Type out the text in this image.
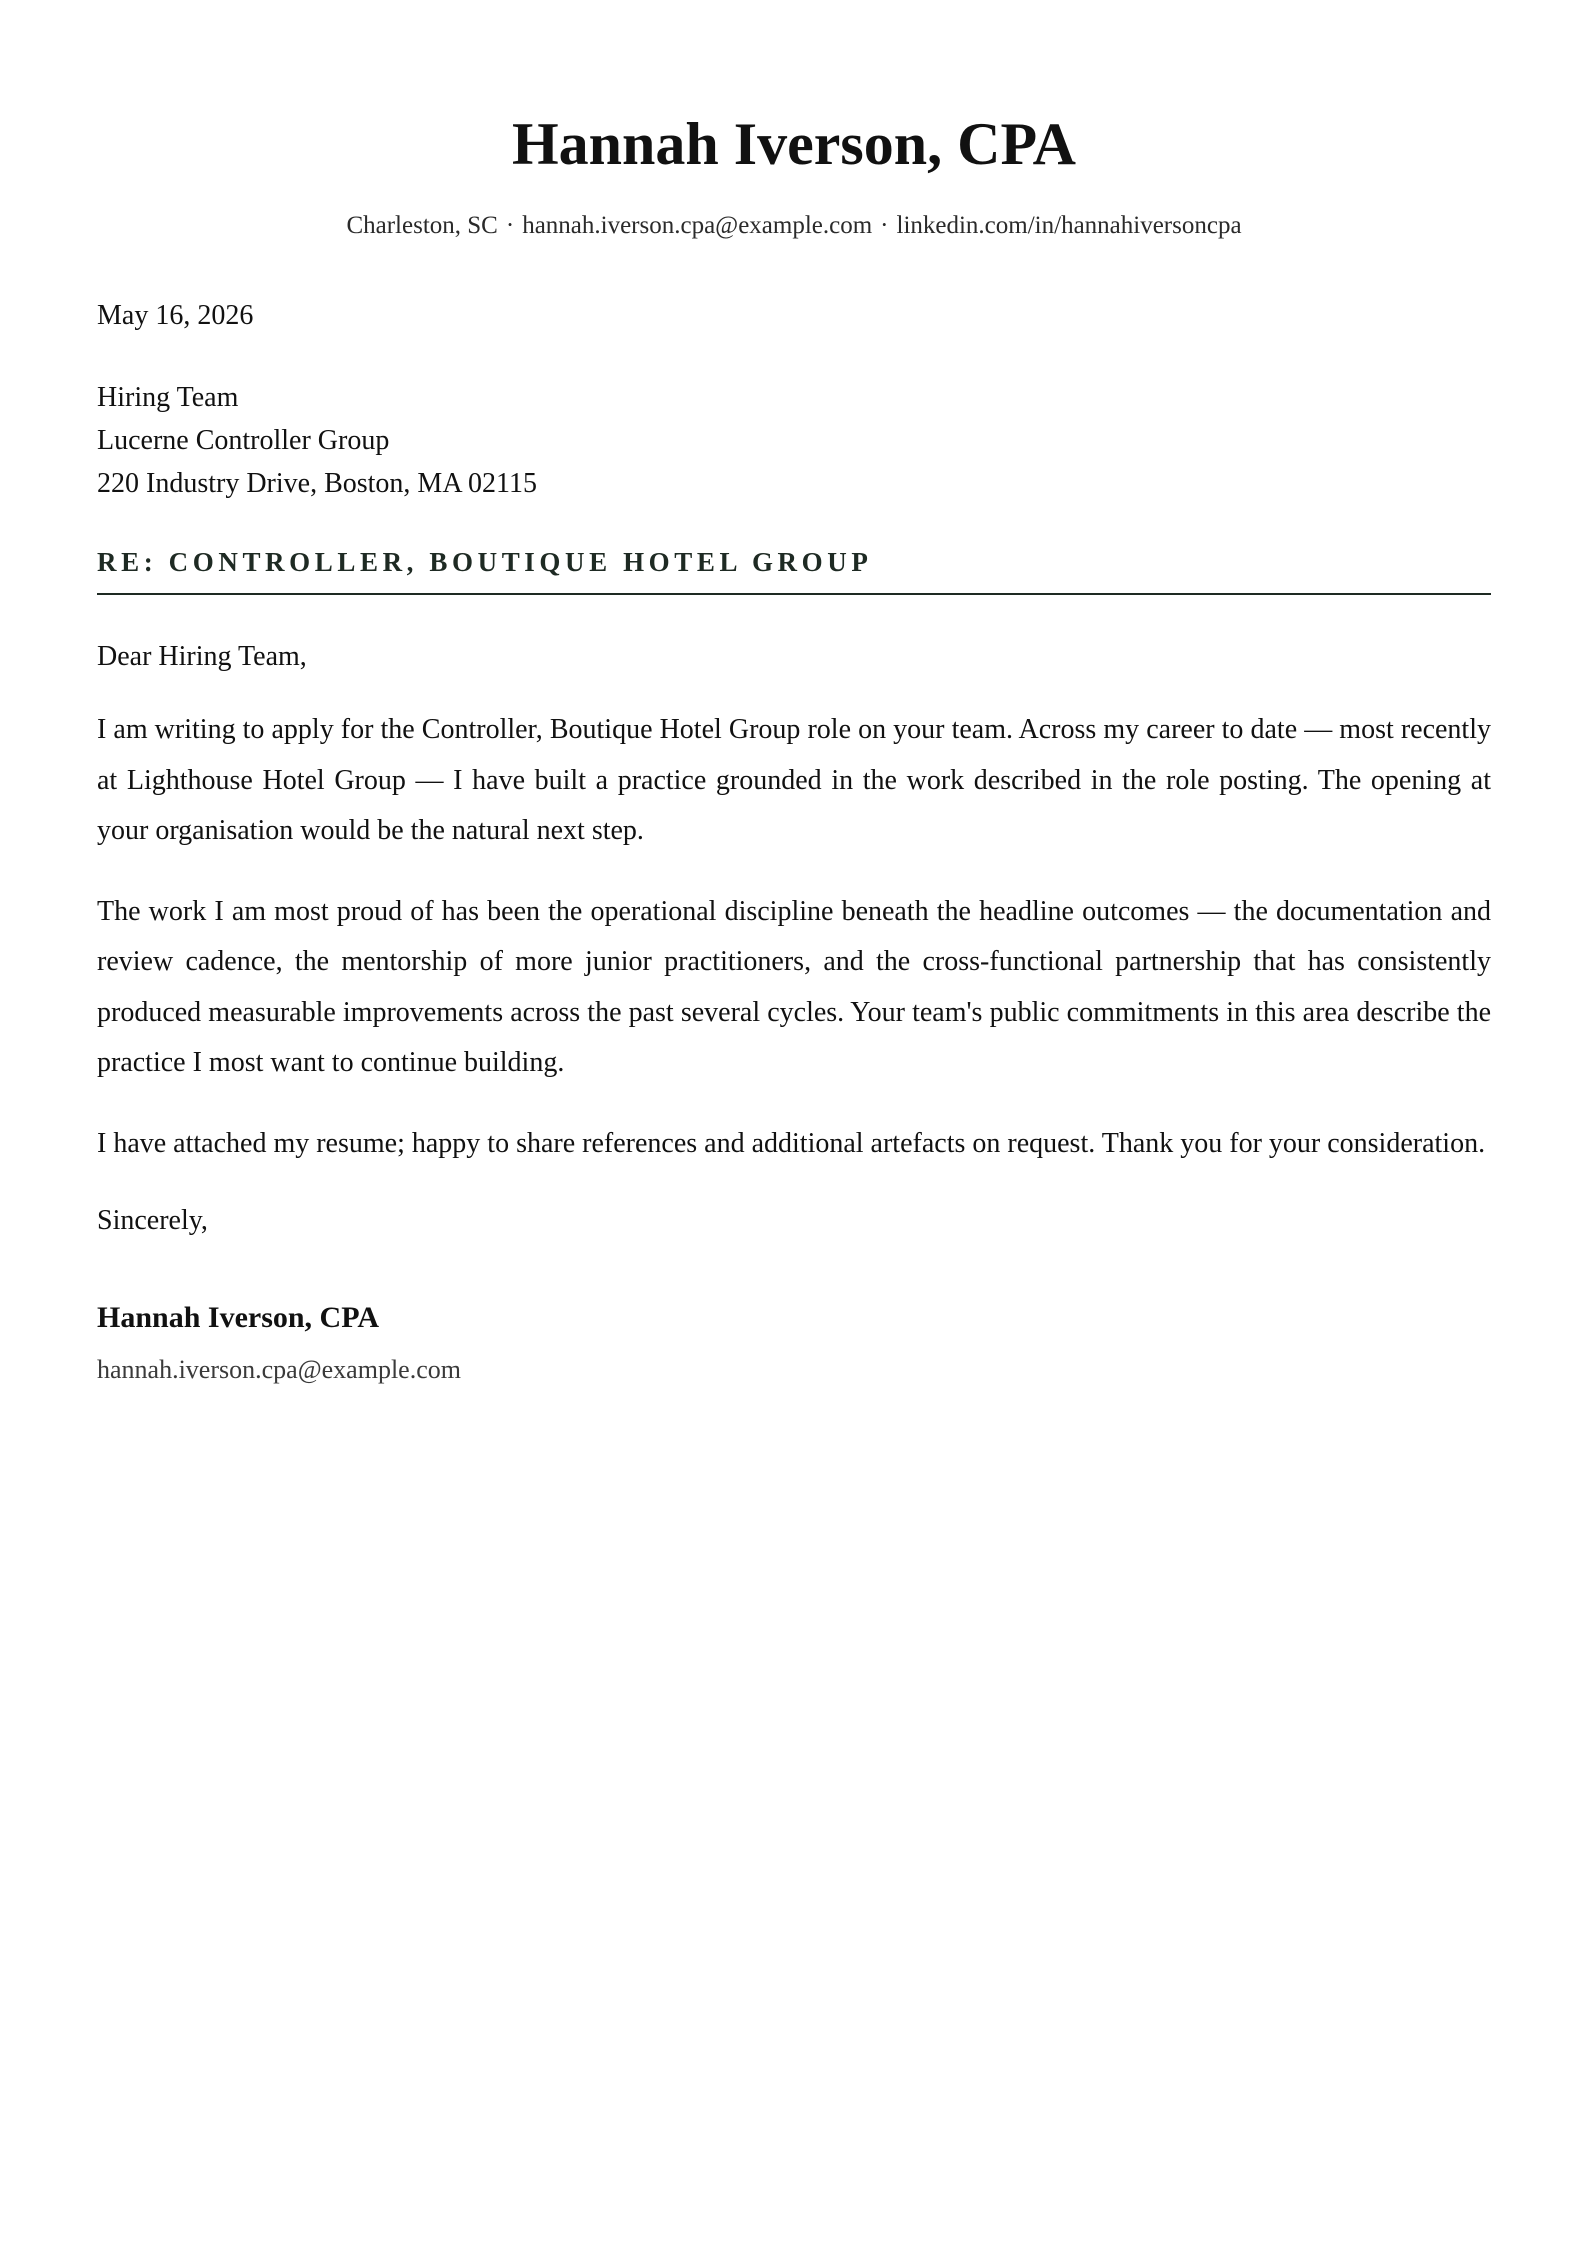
Hannah Iverson, CPA
Charleston, SC · hannah.iverson.cpa@example.com · linkedin.com/in/hannahiversoncpa
May 16, 2026
Hiring Team
Lucerne Controller Group
220 Industry Drive, Boston, MA 02115
RE: CONTROLLER, BOUTIQUE HOTEL GROUP
Dear Hiring Team,

I am writing to apply for the Controller, Boutique Hotel Group role on your team. Across my career to date — most recently at Lighthouse Hotel Group — I have built a practice grounded in the work described in the role posting. The opening at your organisation would be the natural next step.

The work I am most proud of has been the operational discipline beneath the headline outcomes — the documentation and review cadence, the mentorship of more junior practitioners, and the cross-functional partnership that has consistently produced measurable improvements across the past several cycles. Your team's public commitments in this area describe the practice I most want to continue building.

I have attached my resume; happy to share references and additional artefacts on request. Thank you for your consideration.

Sincerely,
Hannah Iverson, CPA
hannah.iverson.cpa@example.com
